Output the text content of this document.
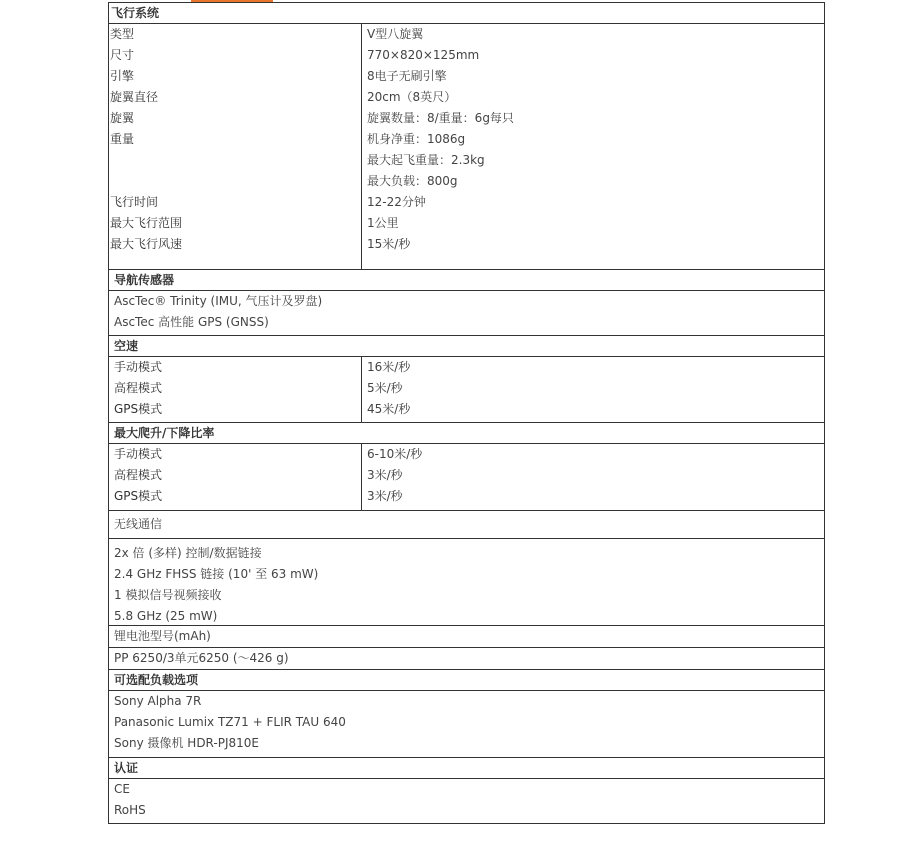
飞行系统
类型
尺寸
引擎
旋翼直径
旋翼
重量
飞行时间
最大飞行范围
最大飞行风速
V型八旋翼
770×820×125mm
8电子无刷引擎
20cm（8英尺）
旋翼数量：8/重量：6g每只
机身净重：1086g
最大起飞重量：2.3kg
最大负载：800g
12-22分钟
1公里
15米/秒
导航传感器
AscTec® Trinity (IMU, 气压计及罗盘)
AscTec 高性能 GPS (GNSS)
空速
手动模式
高程模式
GPS模式
16米/秒
5米/秒
45米/秒
最大爬升/下降比率
手动模式
高程模式
GPS模式
6-10米/秒
3米/秒
3米/秒
无线通信
2x 倍 (多样) 控制/数据链接
2.4 GHz FHSS 链接 (10' 至 63 mW)
1 模拟信号视频接收
5.8 GHz (25 mW)
锂电池型号(mAh)
PP 6250/3单元6250 (～426 g)
可选配负载选项
Sony Alpha 7R
Panasonic Lumix TZ71 + FLIR TAU 640
Sony 摄像机 HDR-PJ810E
认证
CE
RoHS
